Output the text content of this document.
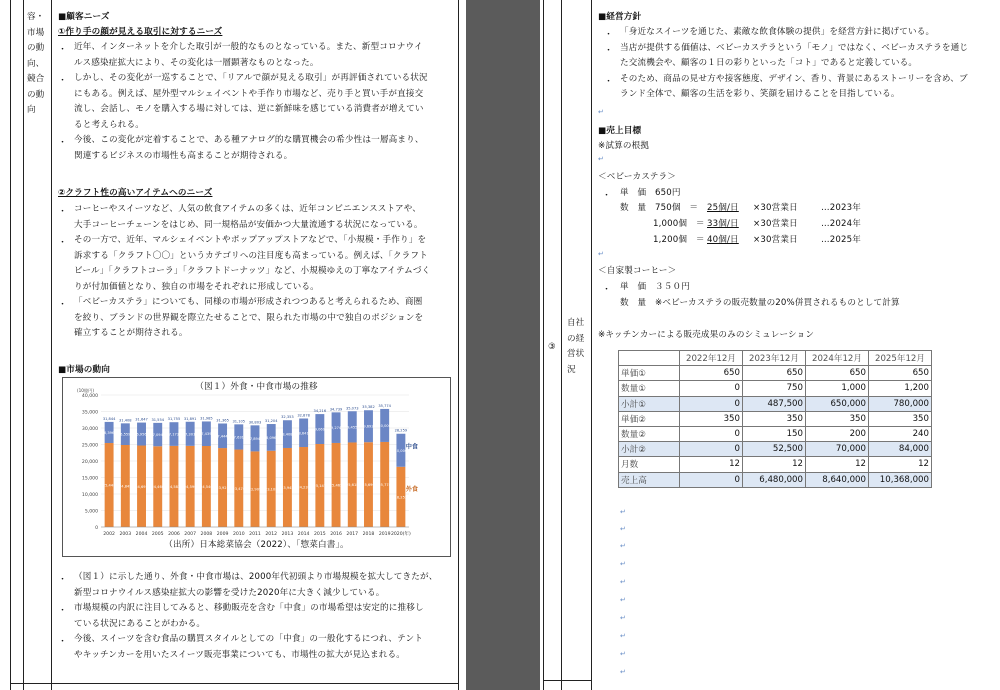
容・
市場
の動
向、
競合
の動
向
■顧客ニーズ
①作り手の顔が見える取引に対するニーズ
・ 近年、インターネットを介した取引が一般的なものとなっている。また、新型コロナウイ
ルス感染症拡大により、その変化は一層顕著なものとなった。
・ しかし、その変化が一巡することで、「リアルで顔が見える取引」が再評価されている状況
にもある。例えば、屋外型マルシェイベントや手作り市場など、売り手と買い手が直接交
流し、会話し、モノを購入する場に対しては、逆に新鮮味を感じている消費者が増えてい
ると考えられる。
・ 今後、この変化が定着することで、ある種アナログ的な購買機会の希少性は一層高まり、
関連するビジネスの市場性も高まることが期待される。
②クラフト性の高いアイテムへのニーズ
・ コーヒーやスイーツなど、人気の飲食アイテムの多くは、近年コンビニエンスストアや、
大手コーヒーチェーンをはじめ、同一規格品が安価かつ大量流通する状況になっている。
・ その一方で、近年、マルシェイベントやポップアップストアなどで、「小規模・手作り」を
訴求する「クラフト〇〇」というカテゴリへの注目度も高まっている。例えば、「クラフト
ビール」「クラフトコーラ」「クラフトドーナッツ」など、小規模ゆえの丁寧なアイテムづく
りが付加価値となり、独自の市場をそれぞれに形成している。
・ 「ベビーカステラ」についても、同様の市場が形成されつつあると考えられるため、商圏
を絞り、ブランドの世界観を際立たせることで、限られた市場の中で独自のポジションを
確立することが期待される。
■市場の動向
（図１）外食・中食市場の推移
0
5,000
10,000
15,000
20,000
25,000
30,000
35,000
40,000
(10億円)
25,448
6,396
31,844
2002
24,849
6,559
31,408
2003
24,691
6,956
31,647
2004
24,460
7,094
31,554
2005
24,582
7,173
31,755
2006
24,590
7,301
31,891
2007
24,546
7,439
31,985
2008
23,921
7,444
31,365
2009
23,474
7,631
31,105
2010
22,909
7,894
30,803
2011
23,108
8,096
31,204
2012
23,945
8,408
32,353
2013
24,237
8,641
32,878
2014
25,147
9,069
34,216
2015
25,465
9,274
34,739
2016
25,618
9,455
35,073
2017
25,690
9,692
35,382
2018
25,774
10,000
35,774
2019
18,253
10,006
28,259
2020(年)
中食
外食
（出所）日本総菜協会（2022）、「惣菜白書」。
・ （図１）に示した通り、外食・中食市場は、2000年代初頭より市場規模を拡大してきたが、
新型コロナウイルス感染症拡大の影響を受けた2020年に大きく減少している。
・ 市場規模の内訳に注目してみると、移動販売を含む「中食」の市場希望は安定的に推移し
ている状況にあることがわかる。
・ 今後、スイーツを含む食品の購買スタイルとしての「中食」の一般化するにつれ、テント
やキッチンカーを用いたスイーツ販売事業についても、市場性の拡大が見込まれる。
③
自社
の経
営状
況
■経営方針
・ 「身近なスイーツを通じた、素敵な飲食体験の提供」を経営方針に掲げている。
・ 当店が提供する価値は、ベビーカステラという「モノ」ではなく、ベビーカステラを通じ
た交流機会や、顧客の１日の彩りといった「コト」であると定義している。
・ そのため、商品の見せ方や接客態度、デザイン、香り、背景にあるストーリーを含め、ブ
ランド全体で、顧客の生活を彩り、笑顔を届けることを目指している。
■売上目標
※試算の根拠
＜ベビーカステラ＞
・ 単　価　650円
数　量　750個　＝ 25個/日 ×30営業日	…2023年
1,000個　＝ 33個/日 ×30営業日	…2024年
1,200個　＝ 40個/日 ×30営業日	…2025年
＜自家製コーヒー＞
・ 単　価　３５０円
数　量　※ベビーカステラの販売数量の20%併買されるものとして計算
※キッチンカーによる販売成果のみのシミュレーション
↵
↵
↵
↵
↵
↵
↵
↵
↵
↵
↵
↵
↵
	2022年12月	2023年12月	2024年12月	2025年12月
単価①	650	650	650	650
数量①	0	750	1,000	1,200
小計①	0	487,500	650,000	780,000
単価②	350	350	350	350
数量②	0	150	200	240
小計②	0	52,500	70,000	84,000
月数	12	12	12	12
売上高	0	6,480,000	8,640,000	10,368,000
